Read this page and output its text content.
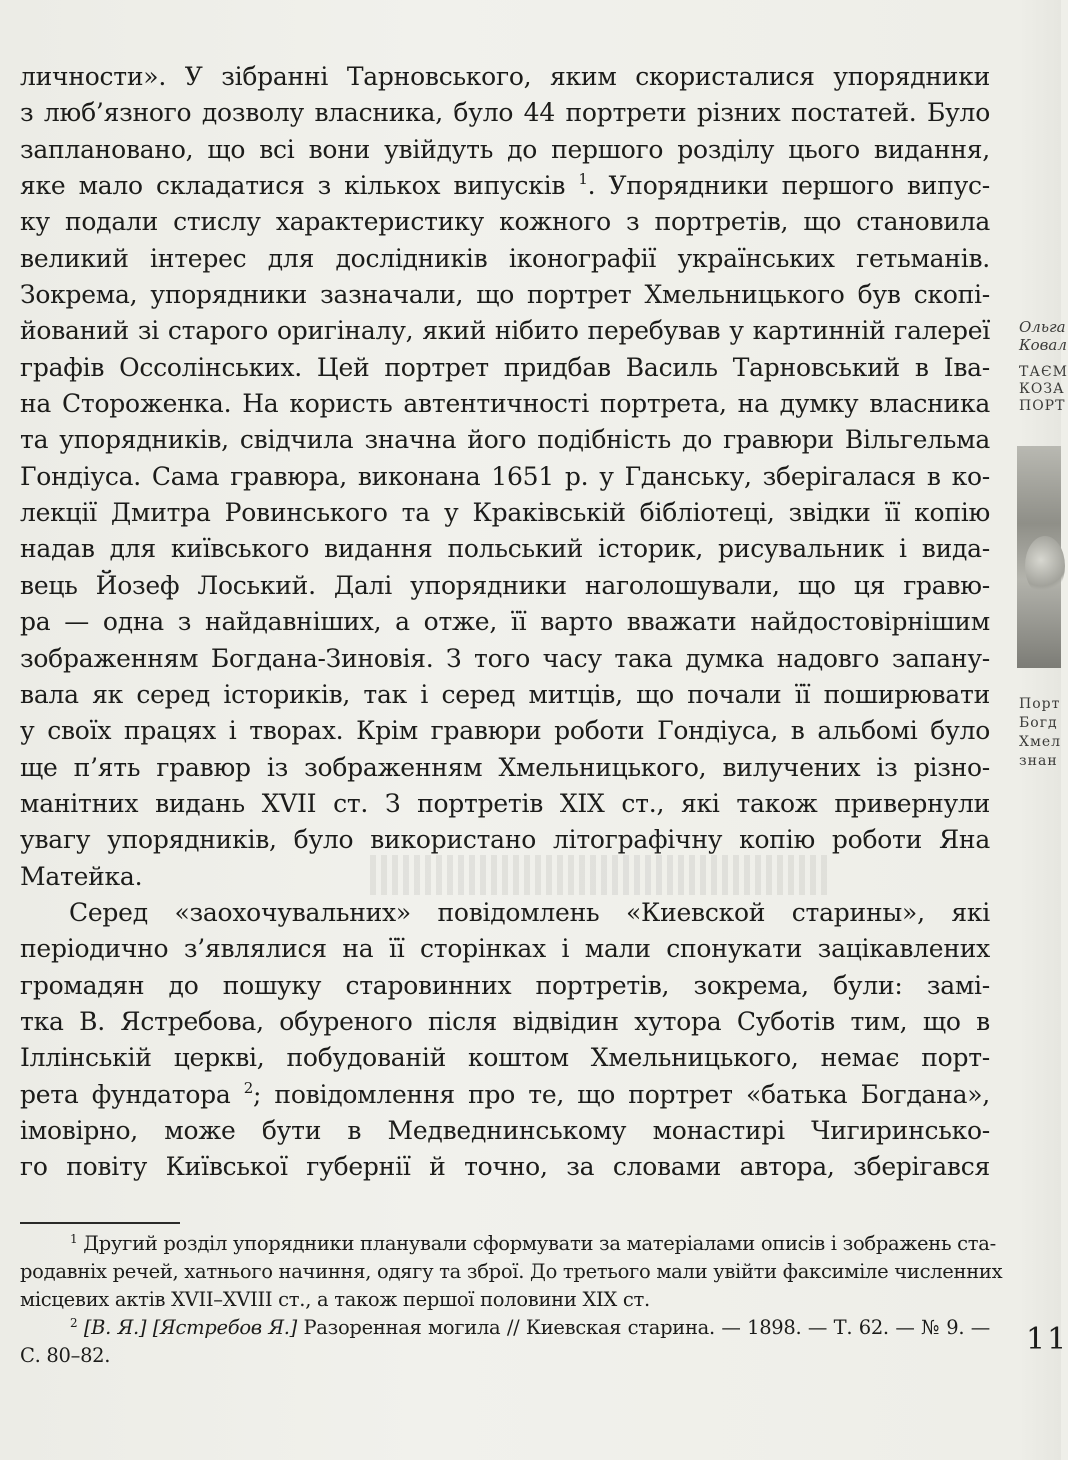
личности». У зібранні Тарновського, яким скористалися упорядники
з люб’язного дозволу власника, було 44 портрети різних постатей. Було
заплановано, що всі вони увійдуть до першого розділу цього видання,
яке мало складатися з кількох випусків $^1$. Упорядники першого випус-
ку подали стислу характеристику кожного з портретів, що становила
великий інтерес для дослідників іконографії українських гетьманів.
Зокрема, упорядники зазначали, що портрет Хмельницького був скопі-
йований зі старого оригіналу, який нібито перебував у картинній галереї
графів Оссолінських. Цей портрет придбав Василь Тарновський в Іва-
на Стороженка. На користь автентичності портрета, на думку власника
та упорядників, свідчила значна його подібність до гравюри Вільгельма
Гондіуса. Сама гравюра, виконана 1651 р. у Гданську, зберігалася в ко-
лекції Дмитра Ровинського та у Краківській бібліотеці, звідки її копію
надав для київського видання польський історик, рисувальник і вида-
вець Йозеф Лоський. Далі упорядники наголошували, що ця гравю-
ра — одна з найдавніших, а отже, її варто вважати найдостовірнішим
зображенням Богдана-Зиновія. З того часу така думка надовго запану-
вала як серед істориків, так і серед митців, що почали її поширювати
у своїх працях і творах. Крім гравюри роботи Гондіуса, в альбомі було
ще п’ять гравюр із зображенням Хмельницького, вилучених із різно-
манітних видань XVII ст. З портретів XIX ст., які також привернули
увагу упорядників, було використано літографічну копію роботи Яна
Матейка.
Серед «заохочувальних» повідомлень «Киевской старины», які
періодично з’являлися на її сторінках і мали спонукати зацікавлених
громадян до пошуку старовинних портретів, зокрема, були: замі-
тка В. Ястребова, обуреного після відвідин хутора Суботів тим, що в
Іллінській церкві, побудованій коштом Хмельницького, немає порт-
рета фундатора $^2$; повідомлення про те, що портрет «батька Богдана»,
імовірно, може бути в Медведнинському монастирі Чигиринсько-
го повіту Київської губернії й точно, за словами автора, зберігався
$^1$ Другий розділ упорядники планували сформувати за матеріалами описів і зображень ста-
родавніх речей, хатнього начиння, одягу та зброї. До третього мали увійти факсиміле численних
місцевих актів XVII–XVIII ст., а також першої половини XIX ст.
$^2$ [В. Я.] [Ястребов Я.] Разоренная могила // Киевская старина. — 1898. — Т. 62. — № 9. —
С. 80–82.	11
Ольга
Ковал
ТАЄМ
КОЗА
ПОРТ
Порт
Богд
Хмел
знан
